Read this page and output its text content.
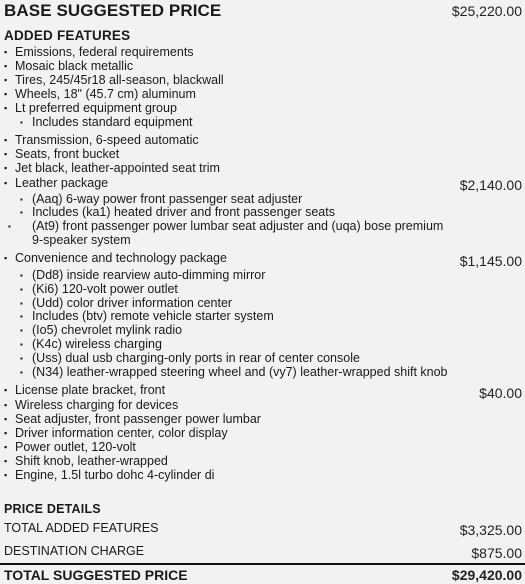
BASE SUGGESTED PRICE	$25,220.00
ADDED FEATURES
▪ Emissions, federal requirements
▪ Mosaic black metallic
▪ Tires, 245/45r18 all-season, blackwall
▪ Wheels, 18" (45.7 cm) aluminum
▪ Lt preferred equipment group
▪ Includes standard equipment
▪ Transmission, 6-speed automatic
▪ Seats, front bucket
▪ Jet black, leather-appointed seat trim
▪ Leather package	$2,140.00
▪ (Aaq) 6-way power front passenger seat adjuster
▪ Includes (ka1) heated driver and front passenger seats
▪ (At9) front passenger power lumbar seat adjuster and (uqa) bose premium 9-speaker system
▪ Convenience and technology package	$1,145.00
▪ (Dd8) inside rearview auto-dimming mirror
▪ (Ki6) 120-volt power outlet
▪ (Udd) color driver information center
▪ Includes (btv) remote vehicle starter system
▪ (Io5) chevrolet mylink radio
▪ (K4c) wireless charging
▪ (Uss) dual usb charging-only ports in rear of center console
▪ (N34) leather-wrapped steering wheel and (vy7) leather-wrapped shift knob
▪ License plate bracket, front	$40.00
▪ Wireless charging for devices
▪ Seat adjuster, front passenger power lumbar
▪ Driver information center, color display
▪ Power outlet, 120-volt
▪ Shift knob, leather-wrapped
▪ Engine, 1.5l turbo dohc 4-cylinder di
PRICE DETAILS
TOTAL ADDED FEATURES	$3,325.00
DESTINATION CHARGE	$875.00
TOTAL SUGGESTED PRICE	$29,420.00
